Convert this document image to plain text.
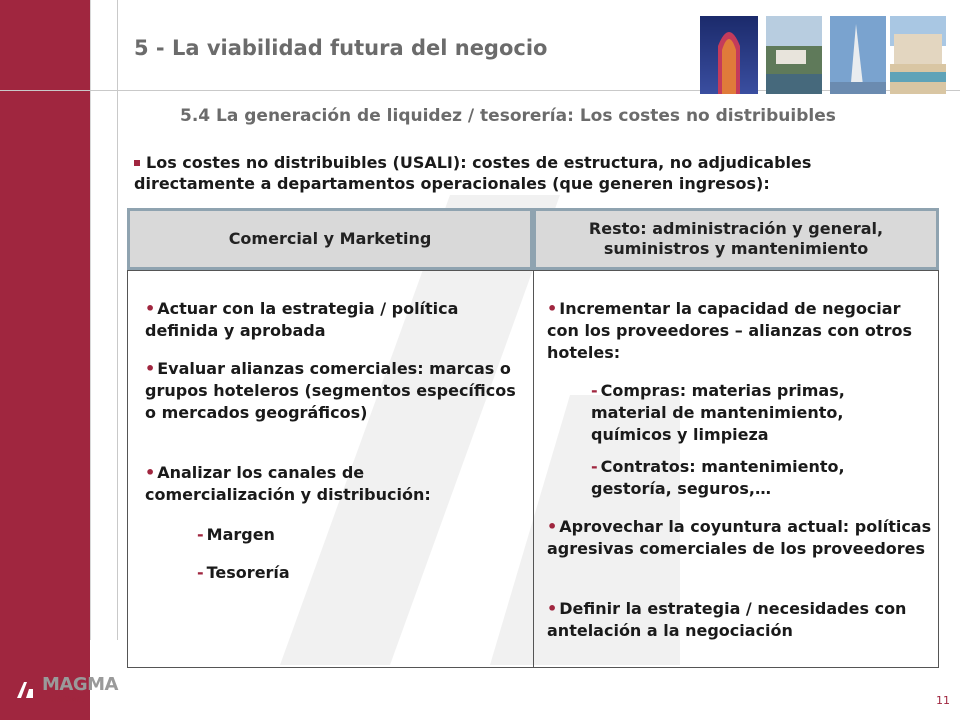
5 - La viabilidad futura del negocio
5.4 La generación de liquidez / tesorería: Los costes no distribuibles
Los costes no distribuibles (USALI): costes de estructura, no adjudicables directamente a departamentos operacionales (que generen ingresos):
Comercial y Marketing
Resto: administración y general, suministros y mantenimiento
• Actuar con la estrategia / política definida y aprobada
• Evaluar alianzas comerciales: marcas o grupos hoteleros (segmentos específicos o mercados geográficos)
• Analizar los canales de comercialización y distribución:
- Margen
- Tesorería
• Incrementar la capacidad de negociar con los proveedores – alianzas con otros hoteles:
- Compras: materias primas, material de mantenimiento, químicos y limpieza
- Contratos: mantenimiento, gestoría, seguros,…
• Aprovechar la coyuntura actual: políticas agresivas comerciales de los proveedores
• Definir la estrategia / necesidades con antelación a la negociación
MAGMA
TURISMO	11
